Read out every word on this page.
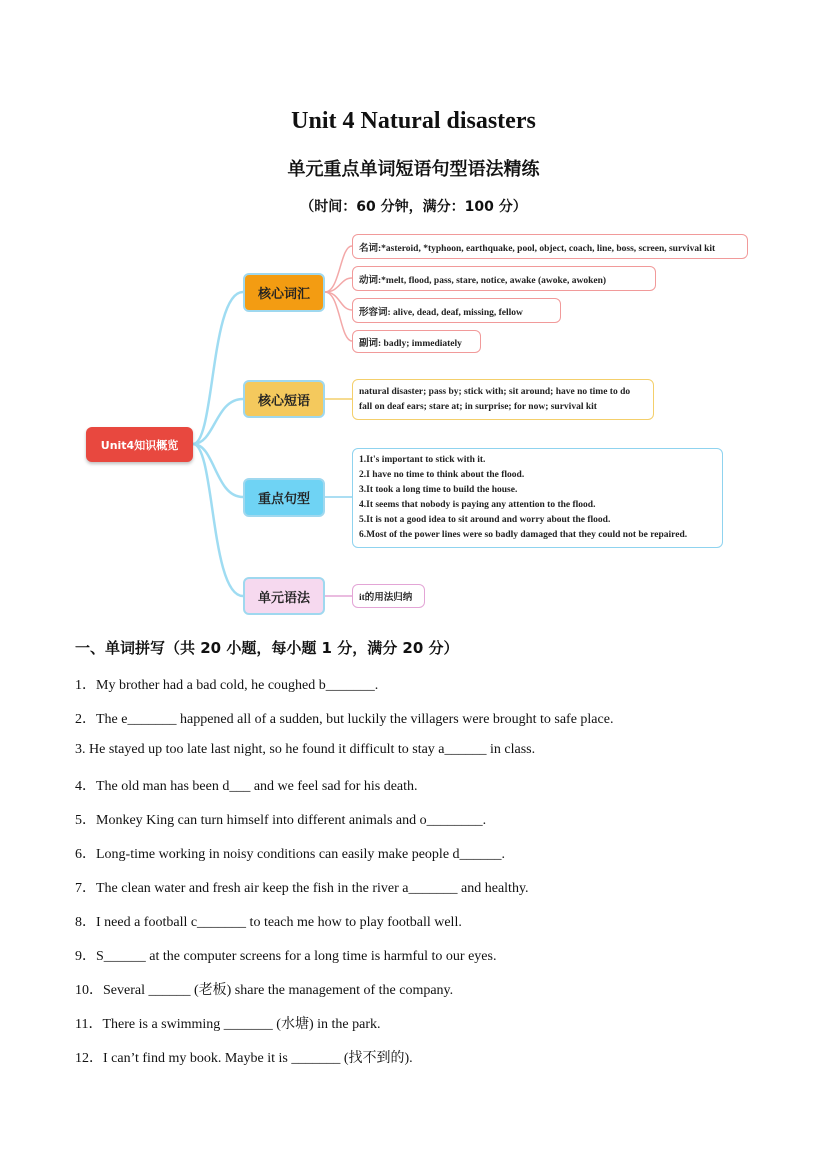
Unit 4 Natural disasters
单元重点单词短语句型语法精练
（时间：60 分钟，满分：100 分）
Unit4知识概览
核心词汇
核心短语
重点句型
单元语法
名词:*asteroid, *typhoon, earthquake, pool, object, coach, line, boss, screen, survival kit
动词:*melt, flood, pass, stare, notice, awake (awoke, awoken)
形容词: alive, dead, deaf, missing, fellow
副词: badly; immediately
natural disaster; pass by; stick with; sit around; have no time to do
fall on deaf ears; stare at; in surprise; for now; survival kit
1.It's important to stick with it.
2.I have no time to think about the flood.
3.It took a long time to build the house.
4.It seems that nobody is paying any attention to the flood.
5.It is not a good idea to sit around and worry about the flood.
6.Most of the power lines were so badly damaged that they could not be repaired.
it的用法归纳
一、单词拼写（共 20 小题，每小题 1 分，满分 20 分）
1．My brother had a bad cold, he coughed b_______.
2．The e_______ happened all of a sudden, but luckily the villagers were brought to safe place.
3. He stayed up too late last night, so he found it difficult to stay a______ in class.
4．The old man has been d___ and we feel sad for his death.
5．Monkey King can turn himself into different animals and o________.
6．Long-time working in noisy conditions can easily make people d______.
7．The clean water and fresh air keep the fish in the river a_______ and healthy.
8．I need a football c_______ to teach me how to play football well.
9．S______ at the computer screens for a long time is harmful to our eyes.
10．Several ______ (老板) share the management of the company.
11．There is a swimming _______ (水塘) in the park.
12．I can’t find my book. Maybe it is _______ (找不到的).
